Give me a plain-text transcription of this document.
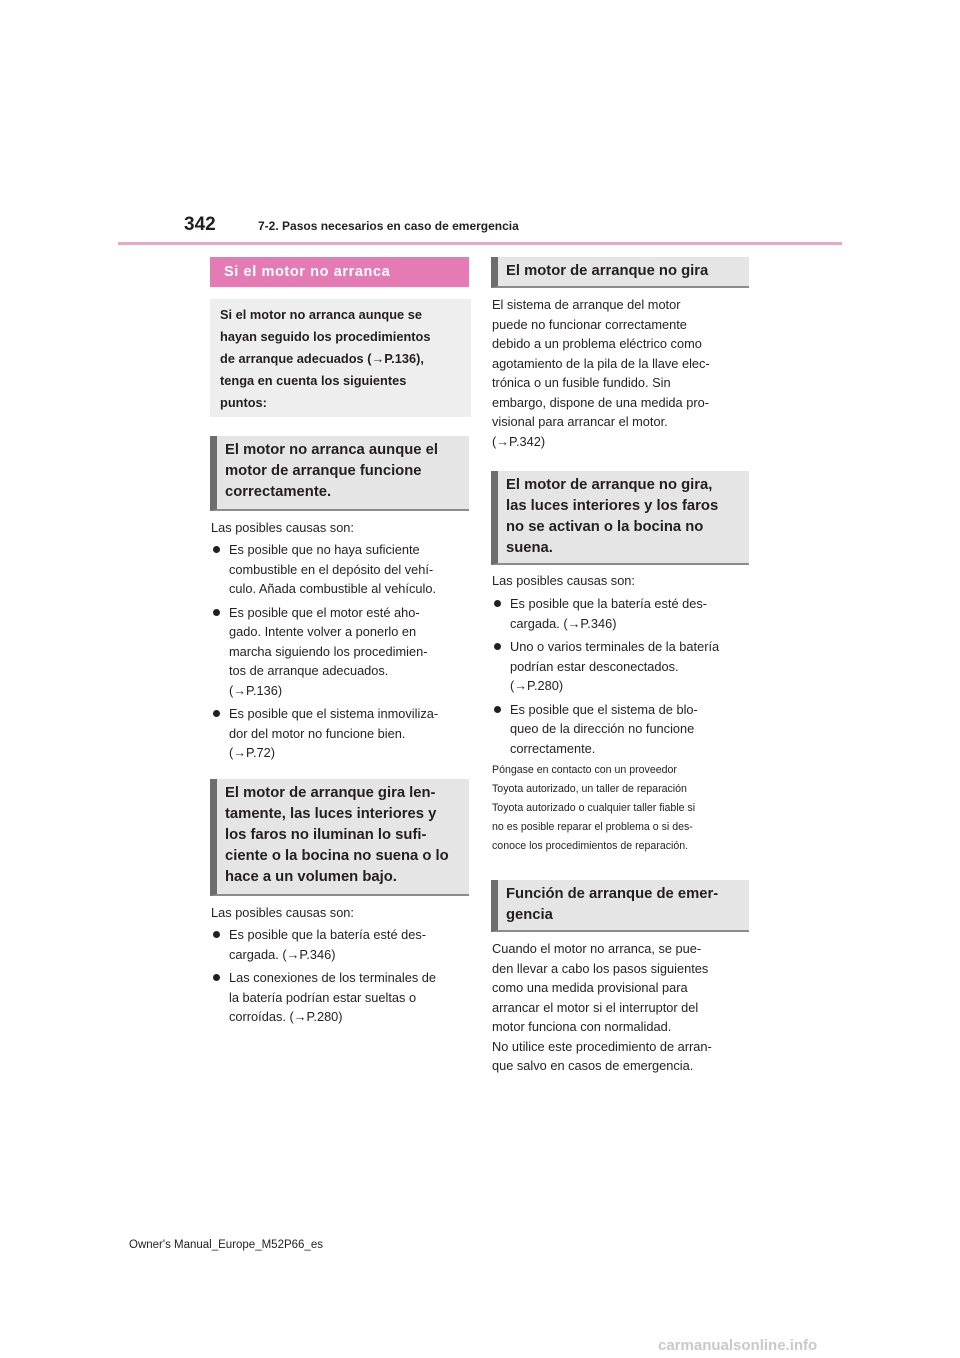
342	7-2. Pasos necesarios en caso de emergencia
Si el motor no arranca
Si el motor no arranca aunque se
hayan seguido los procedimientos
de arranque adecuados (→P.136),
tenga en cuenta los siguientes
puntos:
El motor no arranca aunque el
motor de arranque funcione
correctamente.
Las posibles causas son:
Es posible que no haya suficiente
combustible en el depósito del vehí-
culo. Añada combustible al vehículo.
Es posible que el motor esté aho-
gado. Intente volver a ponerlo en
marcha siguiendo los procedimien-
tos de arranque adecuados.
(→P.136)
Es posible que el sistema inmoviliza-
dor del motor no funcione bien.
(→P.72)
El motor de arranque gira len-
tamente, las luces interiores y
los faros no iluminan lo sufi-
ciente o la bocina no suena o lo
hace a un volumen bajo.
Las posibles causas son:
Es posible que la batería esté des-
cargada. (→P.346)
Las conexiones de los terminales de
la batería podrían estar sueltas o
corroídas. (→P.280)
El motor de arranque no gira
El sistema de arranque del motor
puede no funcionar correctamente
debido a un problema eléctrico como
agotamiento de la pila de la llave elec-
trónica o un fusible fundido. Sin
embargo, dispone de una medida pro-
visional para arrancar el motor.
(→P.342)
El motor de arranque no gira,
las luces interiores y los faros
no se activan o la bocina no
suena.
Las posibles causas son:
Es posible que la batería esté des-
cargada. (→P.346)
Uno o varios terminales de la batería
podrían estar desconectados.
(→P.280)
Es posible que el sistema de blo-
queo de la dirección no funcione
correctamente.
Póngase en contacto con un proveedor
Toyota autorizado, un taller de reparación
Toyota autorizado o cualquier taller fiable si
no es posible reparar el problema o si des-
conoce los procedimientos de reparación.
Función de arranque de emer-
gencia
Cuando el motor no arranca, se pue-
den llevar a cabo los pasos siguientes
como una medida provisional para
arrancar el motor si el interruptor del
motor funciona con normalidad.
No utilice este procedimiento de arran-
que salvo en casos de emergencia.
Owner's Manual_Europe_M52P66_es
carmanualsonline.info
